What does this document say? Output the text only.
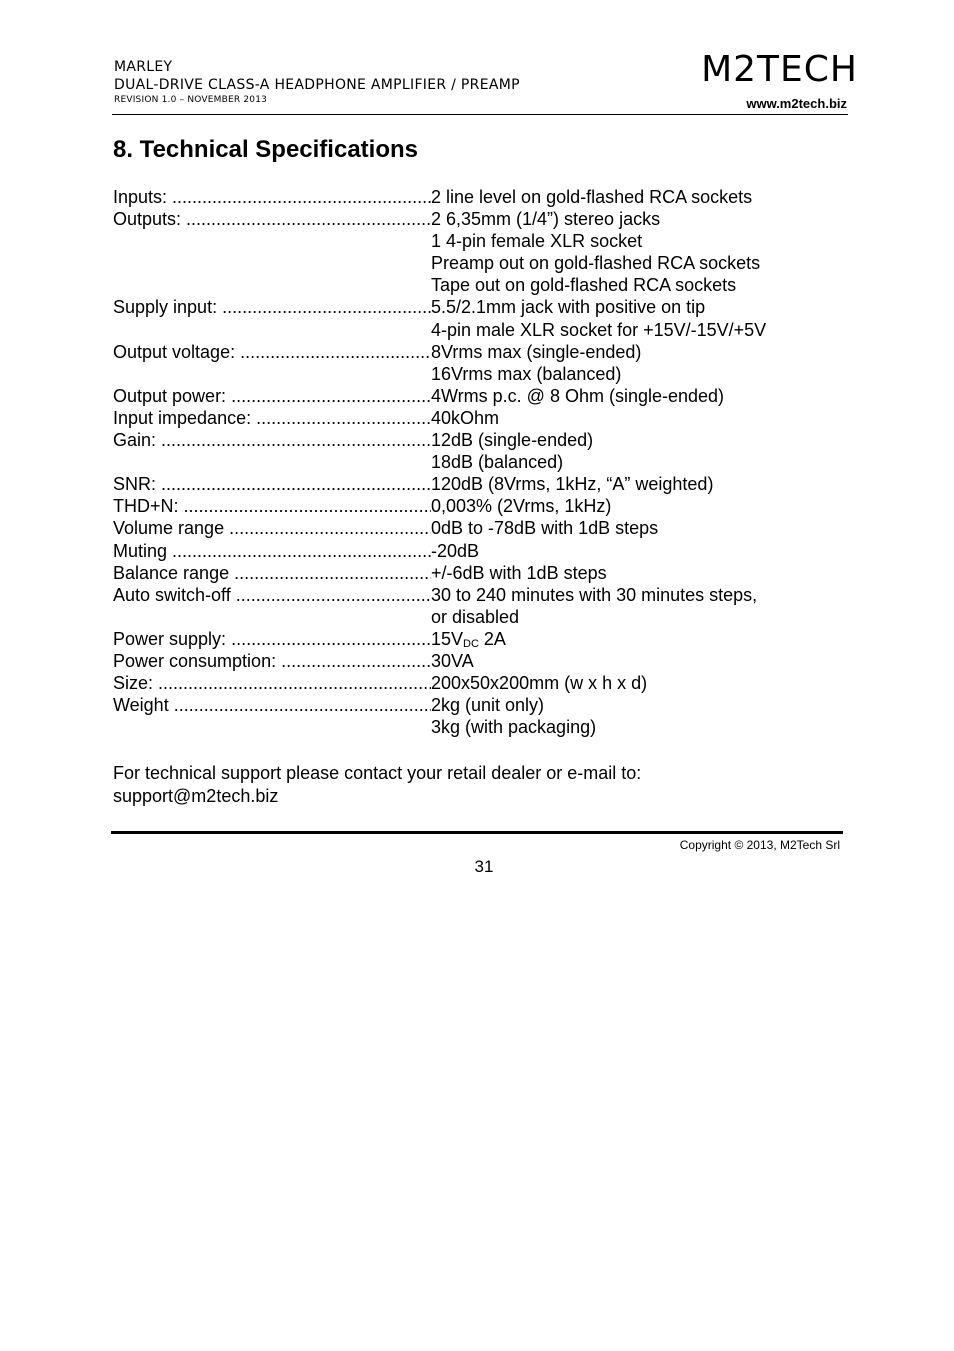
MARLEY
DUAL-DRIVE CLASS-A HEADPHONE AMPLIFIER / PREAMP
REVISION 1.0 – NOVEMBER 2013
M2TECH
www.m2tech.biz
8. Technical Specifications
Inputs: .....	2 line level on gold-flashed RCA sockets
Outputs: .....	2 6,35mm (1/4”) stereo jacks
1 4-pin female XLR socket
Preamp out on gold-flashed RCA sockets
Tape out on gold-flashed RCA sockets
Supply input: .....	5.5/2.1mm jack with positive on tip
4-pin male XLR socket for +15V/-15V/+5V
Output voltage: .....	8Vrms max (single-ended)
16Vrms max (balanced)
Output power: .....	4Wrms p.c. @ 8 Ohm (single-ended)
Input impedance: .....	40kOhm
Gain: .....	12dB (single-ended)
18dB (balanced)
SNR: .....	120dB (8Vrms, 1kHz, “A” weighted)
THD+N: .....	0,003% (2Vrms, 1kHz)
Volume range .....	0dB to -78dB with 1dB steps
Muting .....	-20dB
Balance range .....	+/-6dB with 1dB steps
Auto switch-off .....	30 to 240 minutes with 30 minutes steps,
or disabled
Power supply: .....	15VDC 2A
Power consumption: .....	30VA
Size: .....	200x50x200mm (w x h x d)
Weight .....	2kg (unit only)
3kg (with packaging)
For technical support please contact your retail dealer or e-mail to:
support@m2tech.biz
Copyright © 2013, M2Tech Srl
31
